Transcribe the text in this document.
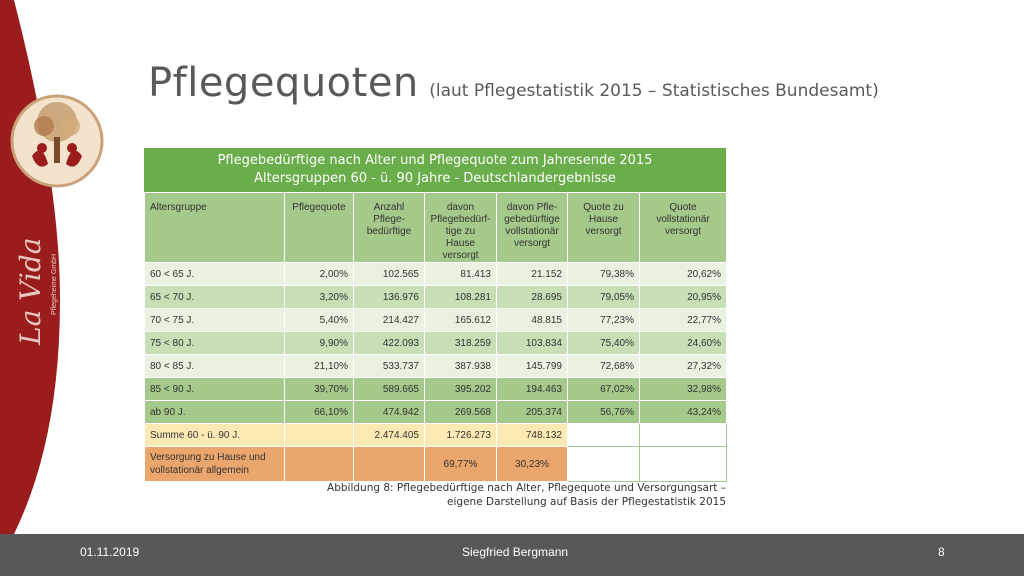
La Vida Pflegeheime GmbH
Pflegequoten (laut Pflegestatistik 2015 – Statistisches Bundesamt)
Pflegebedürftige nach Alter und Pflegequote zum Jahresende 2015
Altersgruppen 60 - ü. 90 Jahre - Deutschlandergebnisse
Altersgruppe	Pflegequote	Anzahl Pflege-bedürftige	davon Pflegebedürf-tige zu Hause versorgt	davon Pfle-gebedürftige vollstationär versorgt	Quote zu Hause versorgt	Quote vollstationär versorgt
60 < 65 J.	2,00%	102.565	81.413	21.152	79,38%	20,62%
65 < 70 J.	3,20%	136.976	108.281	28.695	79,05%	20,95%
70 < 75 J.	5,40%	214.427	165.612	48.815	77,23%	22,77%
75 < 80 J.	9,90%	422.093	318.259	103.834	75,40%	24,60%
80 < 85 J.	21,10%	533.737	387.938	145.799	72,68%	27,32%
85 < 90 J.	39,70%	589.665	395.202	194.463	67,02%	32,98%
ab 90 J.	66,10%	474.942	269.568	205.374	56,76%	43,24%
Summe 60 - ü. 90 J.		2.474.405	1.726.273	748.132		
Versorgung zu Hause und vollstationär allgemein			69,77%	30,23%		
Abbildung 8: Pflegebedürftige nach Alter, Pflegequote und Versorgungsart –
eigene Darstellung auf Basis der Pflegestatistik 2015
01.11.2019	Siegfried Bergmann	8
